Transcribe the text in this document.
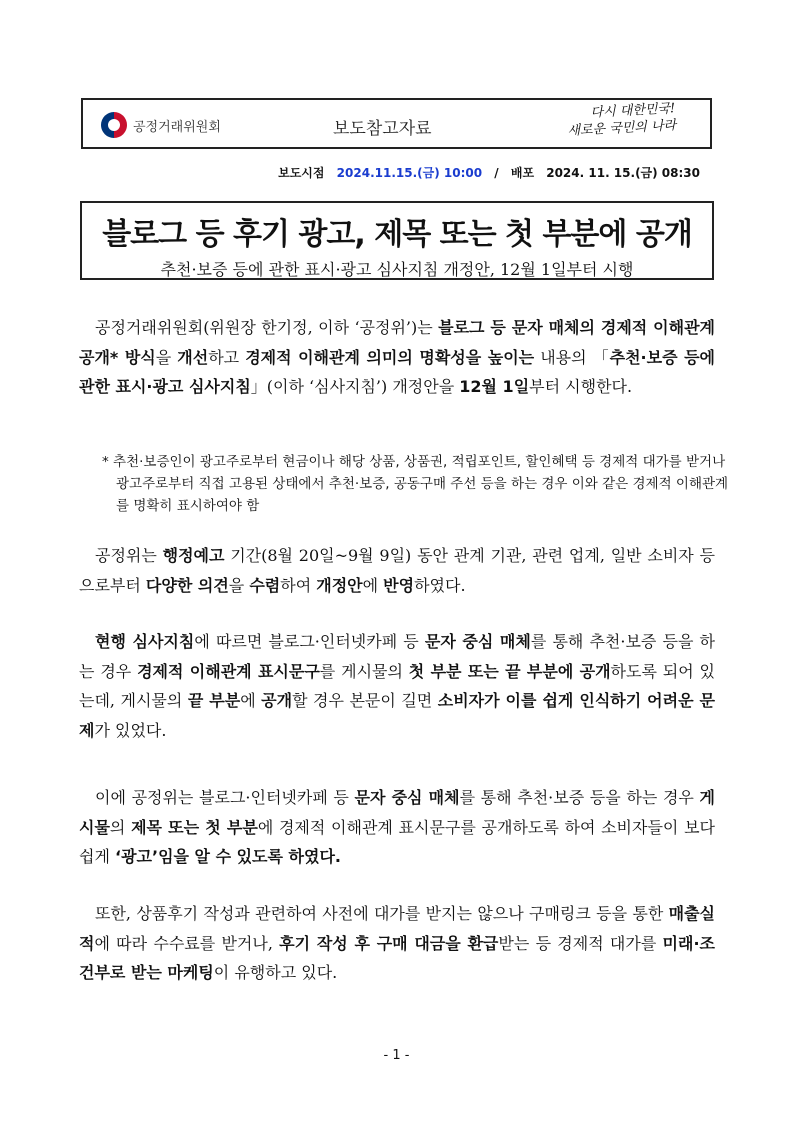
공정거래위원회	보도참고자료
다시 대한민국!
새로운 국민의 나라
보도시점 2024.11.15.(금) 10:00 / 배포 2024. 11. 15.(금) 08:30
블로그 등 후기 광고, 제목 또는 첫 부분에 공개
추천·보증 등에 관한 표시·광고 심사지침 개정안, 12월 1일부터 시행

공정거래위원회(위원장 한기정, 이하 ‘공정위’)는 블로그 등 문자 매체의 경제적 이해관계 공개* 방식을 개선하고 경제적 이해관계 의미의 명확성을 높이는 내용의 「추천·보증 등에 관한 표시·광고 심사지침」(이하 ‘심사지침’) 개정안을 12월 1일부터 시행한다.

* 추천·보증인이 광고주로부터 현금이나 해당 상품, 상품권, 적립포인트, 할인혜택 등 경제적 대가를 받거나 광고주로부터 직접 고용된 상태에서 추천·보증, 공동구매 주선 등을 하는 경우 이와 같은 경제적 이해관계를 명확히 표시하여야 함

공정위는 행정예고 기간(8월 20일~9월 9일) 동안 관계 기관, 관련 업계, 일반 소비자 등으로부터 다양한 의견을 수렴하여 개정안에 반영하였다.

현행 심사지침에 따르면 블로그·인터넷카페 등 문자 중심 매체를 통해 추천·보증 등을 하는 경우 경제적 이해관계 표시문구를 게시물의 첫 부분 또는 끝 부분에 공개하도록 되어 있는데, 게시물의 끝 부분에 공개할 경우 본문이 길면 소비자가 이를 쉽게 인식하기 어려운 문제가 있었다.

이에 공정위는 블로그·인터넷카페 등 문자 중심 매체를 통해 추천·보증 등을 하는 경우 게시물의 제목 또는 첫 부분에 경제적 이해관계 표시문구를 공개하도록 하여 소비자들이 보다 쉽게 ‘광고’임을 알 수 있도록 하였다.

또한, 상품후기 작성과 관련하여 사전에 대가를 받지는 않으나 구매링크 등을 통한 매출실적에 따라 수수료를 받거나, 후기 작성 후 구매 대금을 환급받는 등 경제적 대가를 미래·조건부로 받는 마케팅이 유행하고 있다.

- 1 -
